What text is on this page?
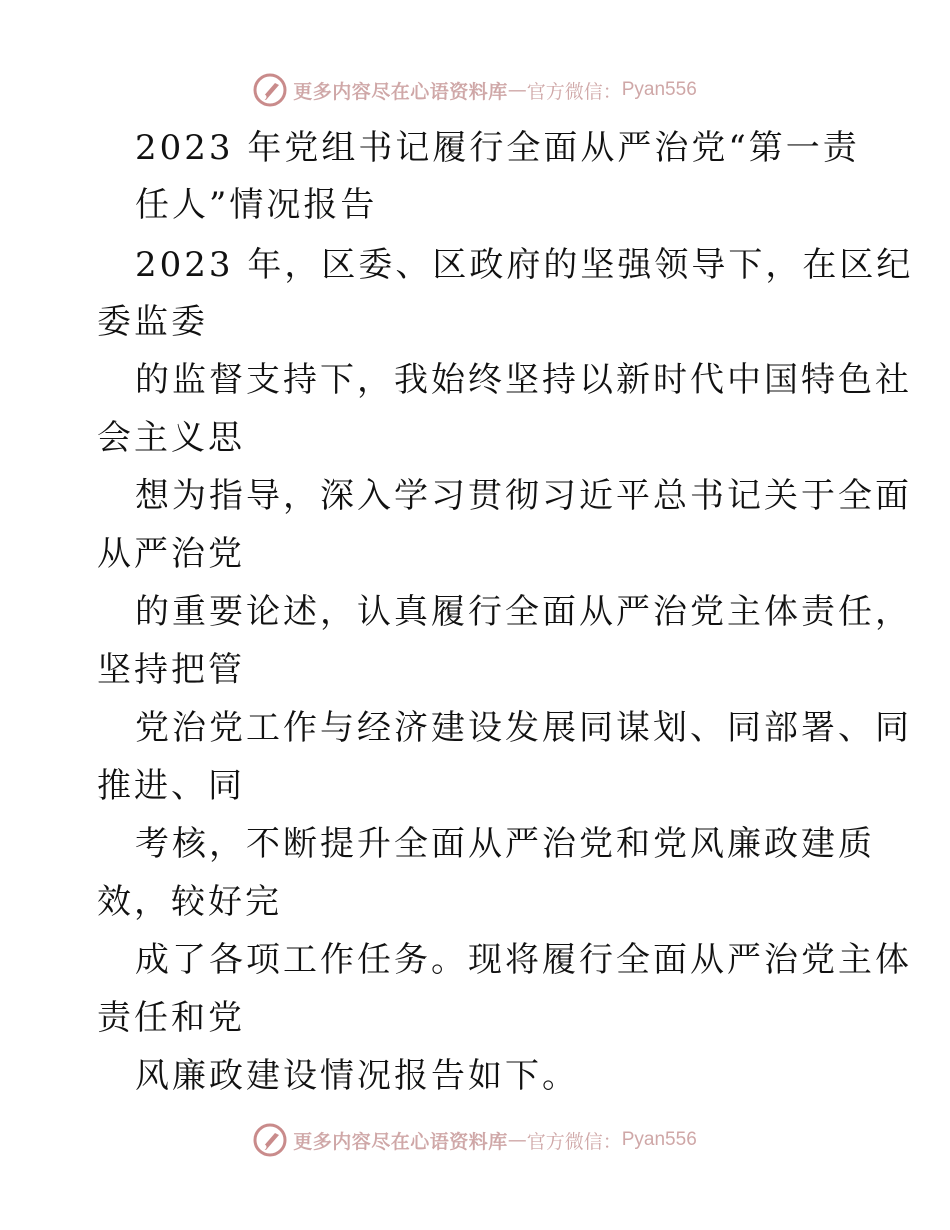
更多内容尽在心语资料库 — 官方微信： Pyan556
2023 年党组书记履行全面从严治党“第一责
任人”情况报告
2023 年，区委、区政府的坚强领导下，在区纪
委监委
的监督支持下，我始终坚持以新时代中国特色社
会主义思
想为指导，深入学习贯彻习近平总书记关于全面
从严治党
的重要论述，认真履行全面从严治党主体责任，
坚持把管
党治党工作与经济建设发展同谋划、同部署、同
推进、同
考核，不断提升全面从严治党和党风廉政建质
效，较好完
成了各项工作任务。现将履行全面从严治党主体
责任和党
风廉政建设情况报告如下。
更多内容尽在心语资料库 — 官方微信： Pyan556
